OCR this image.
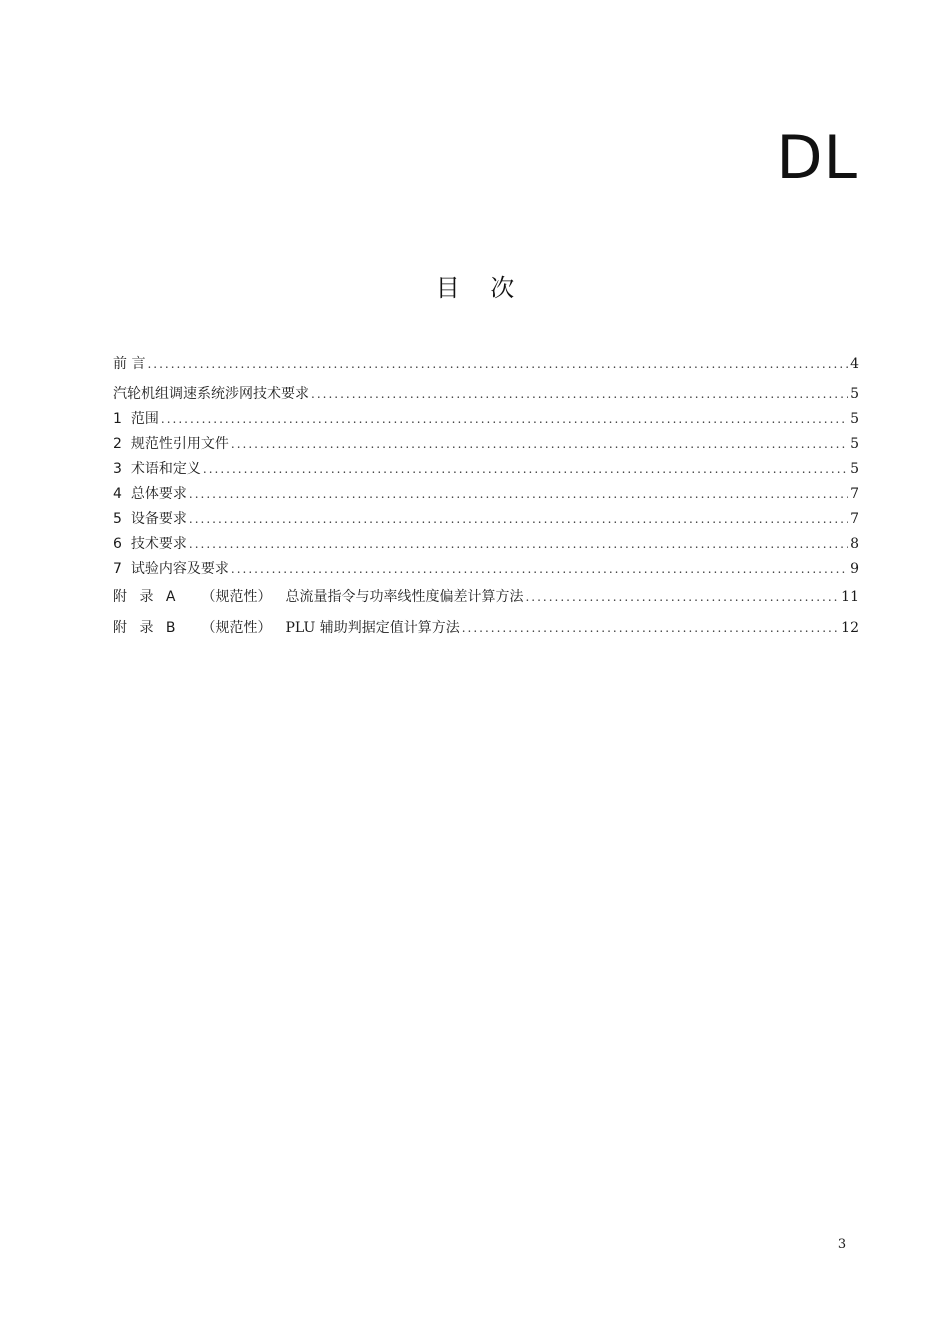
DL
目    次
前 言 .....	4
汽轮机组调速系统涉网技术要求 .....	5
1 范围 .....	5
2 规范性引用文件 .....	5
3 术语和定义 .....	5
4 总体要求 .....	7
5 设备要求 .....	7
6 技术要求 .....	8
7 试验内容及要求 .....	9
附 录 A （规范性） 总流量指令与功率线性度偏差计算方法 .....	11
附 录 B （规范性） PLU 辅助判据定值计算方法 .....	12
3
